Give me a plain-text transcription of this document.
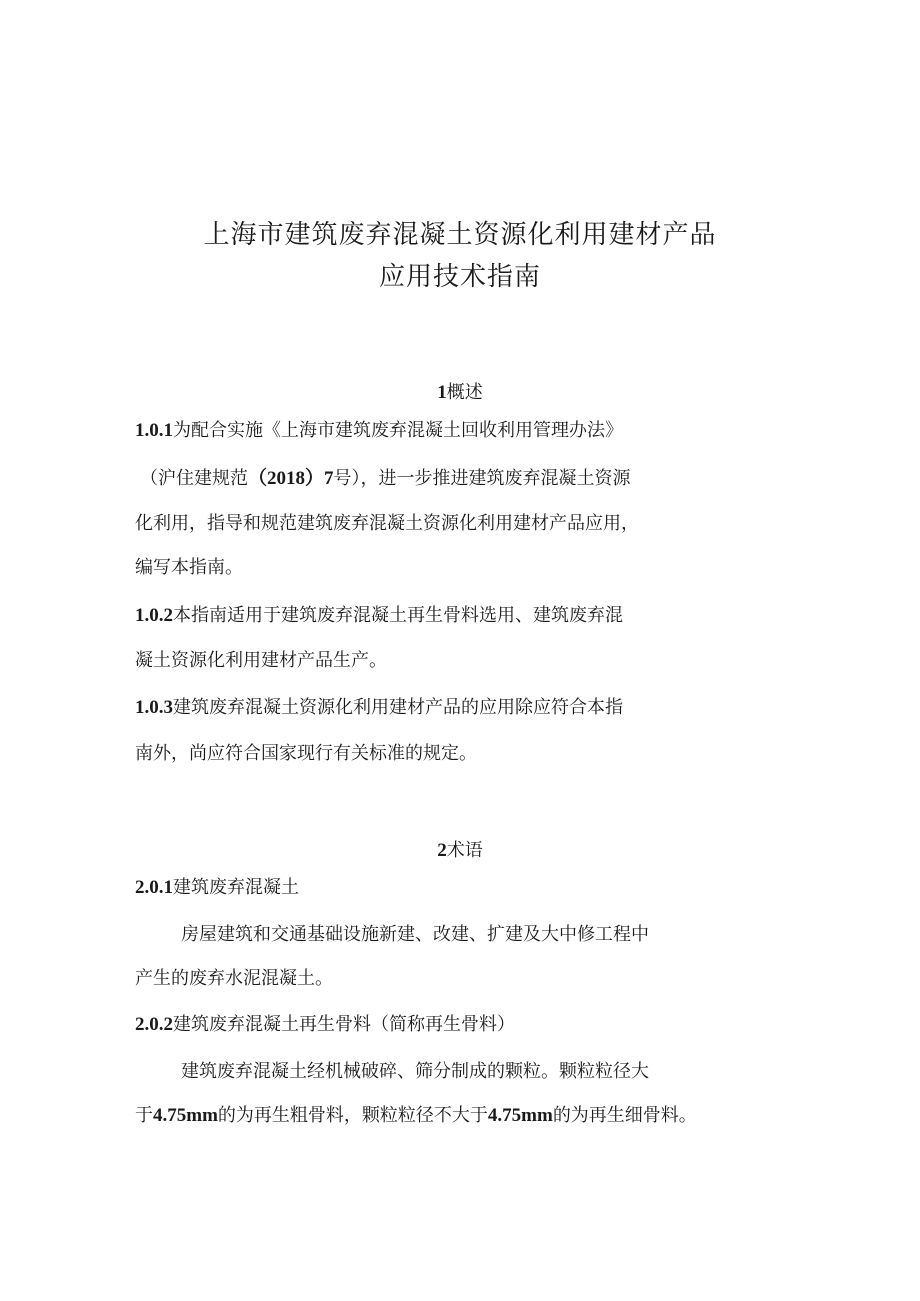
上海市建筑废弃混凝土资源化利用建材产品
应用技术指南
1概述
1.0.1为配合实施《上海市建筑废弃混凝土回收利用管理办法》
（沪住建规范（2018）7号），进一步推进建筑废弃混凝土资源
化利用，指导和规范建筑废弃混凝土资源化利用建材产品应用，
编写本指南。
1.0.2本指南适用于建筑废弃混凝土再生骨料选用、建筑废弃混
凝土资源化利用建材产品生产。
1.0.3建筑废弃混凝土资源化利用建材产品的应用除应符合本指
南外，尚应符合国家现行有关标准的规定。
2术语
2.0.1建筑废弃混凝土
房屋建筑和交通基础设施新建、改建、扩建及大中修工程中
产生的废弃水泥混凝土。
2.0.2建筑废弃混凝土再生骨料（简称再生骨料）
建筑废弃混凝土经机械破碎、筛分制成的颗粒。颗粒粒径大
于4.75mm的为再生粗骨料，颗粒粒径不大于4.75mm的为再生细骨料。
